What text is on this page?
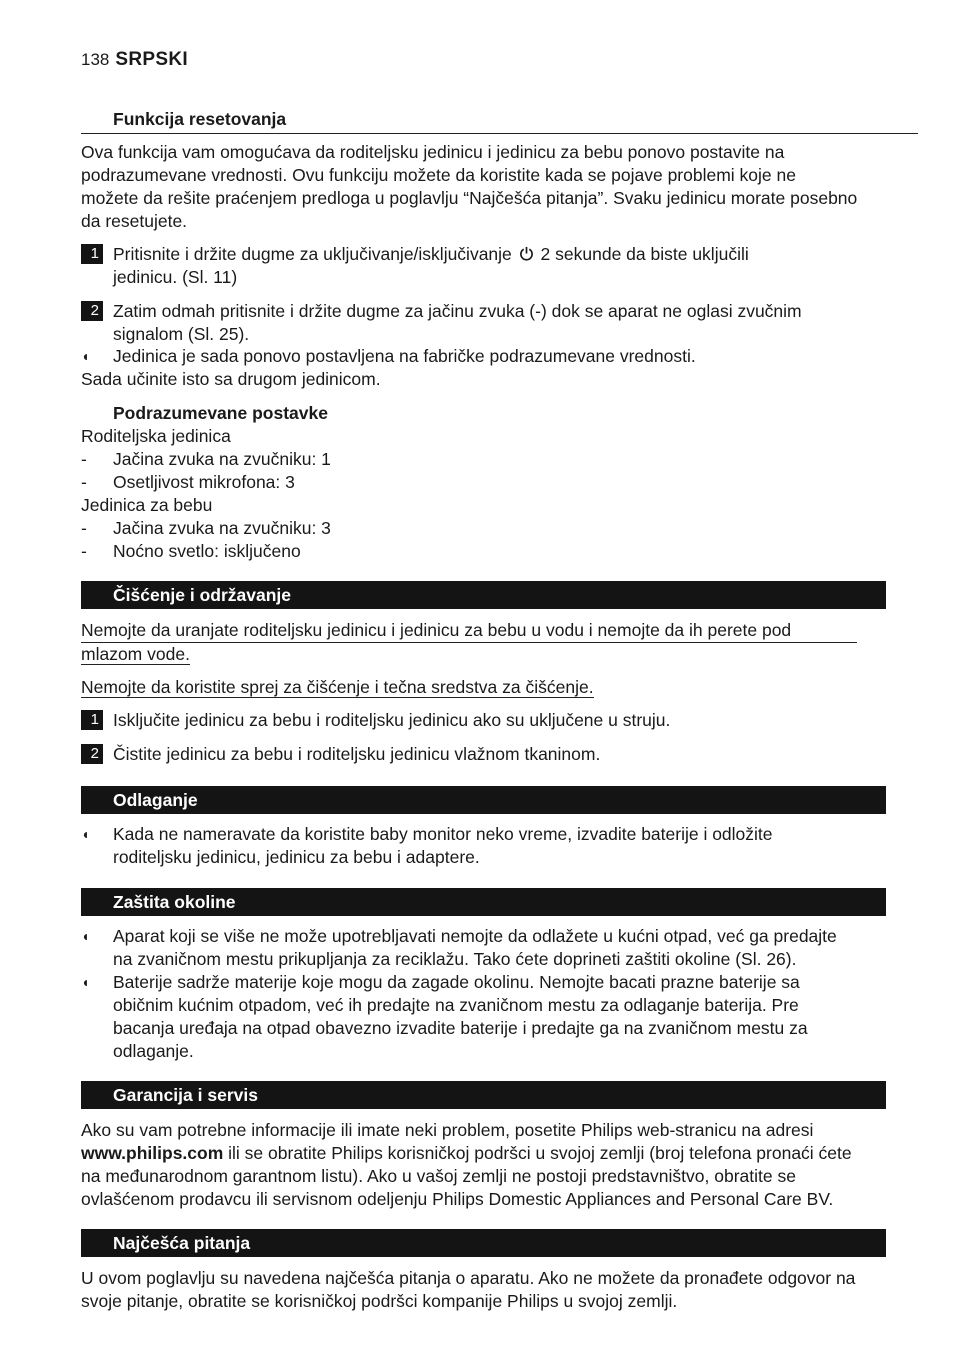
138 SRPSKI
Funkcija resetovanja

Ova funkcija vam omogućava da roditeljsku jedinicu i jedinicu za bebu ponovo postavite na

podrazumevane vrednosti. Ovu funkciju možete da koristite kada se pojave problemi koje ne

možete da rešite praćenjem predloga u poglavlju “Najčešća pitanja”. Svaku jedinicu morate posebno

da resetujete.

1 Pritisnite i držite dugme za uključivanje/isključivanje 2 sekunde da biste uključili
jedinicu. (Sl. 11)
2 Zatim odmah pritisnite i držite dugme za jačinu zvuka (-) dok se aparat ne oglasi zvučnim
signalom (Sl. 25).
◖	Jedinica je sada ponovo postavljena na fabričke podrazumevane vrednosti.
Sada učinite isto sa drugom jedinicom.
Podrazumevane postavke
Roditeljska jedinica
-	Jačina zvuka na zvučniku: 1
-	Osetljivost mikrofona: 3
Jedinica za bebu
-	Jačina zvuka na zvučniku: 3
-	Noćno svetlo: isključeno
Čišćenje i održavanje

Nemojte da uranjate roditeljsku jedinicu i jedinicu za bebu u vodu i nemojte da ih perete pod

mlazom vode.

Nemojte da koristite sprej za čišćenje i tečna sredstva za čišćenje.

1 Isključite jedinicu za bebu i roditeljsku jedinicu ako su uključene u struju.
2 Čistite jedinicu za bebu i roditeljsku jedinicu vlažnom tkaninom.
Odlaganje
◖	Kada ne nameravate da koristite baby monitor neko vreme, izvadite baterije i odložite
roditeljsku jedinicu, jedinicu za bebu i adaptere.
Zaštita okoline
◖	Aparat koji se više ne može upotrebljavati nemojte da odlažete u kućni otpad, već ga predajte
na zvaničnom mestu prikupljanja za reciklažu. Tako ćete doprineti zaštiti okoline (Sl. 26).
◖	Baterije sadrže materije koje mogu da zagade okolinu. Nemojte bacati prazne baterije sa
običnim kućnim otpadom, već ih predajte na zvaničnom mestu za odlaganje baterija. Pre
bacanja uređaja na otpad obavezno izvadite baterije i predajte ga na zvaničnom mestu za
odlaganje.
Garancija i servis

Ako su vam potrebne informacije ili imate neki problem, posetite Philips web-stranicu na adresi

www.philips.com ili se obratite Philips korisničkoj podršci u svojoj zemlji (broj telefona pronaći ćete

na međunarodnom garantnom listu). Ako u vašoj zemlji ne postoji predstavništvo, obratite se

ovlašćenom prodavcu ili servisnom odeljenju Philips Domestic Appliances and Personal Care BV.

Najčešća pitanja

U ovom poglavlju su navedena najčešća pitanja o aparatu. Ako ne možete da pronađete odgovor na

svoje pitanje, obratite se korisničkoj podršci kompanije Philips u svojoj zemlji.
